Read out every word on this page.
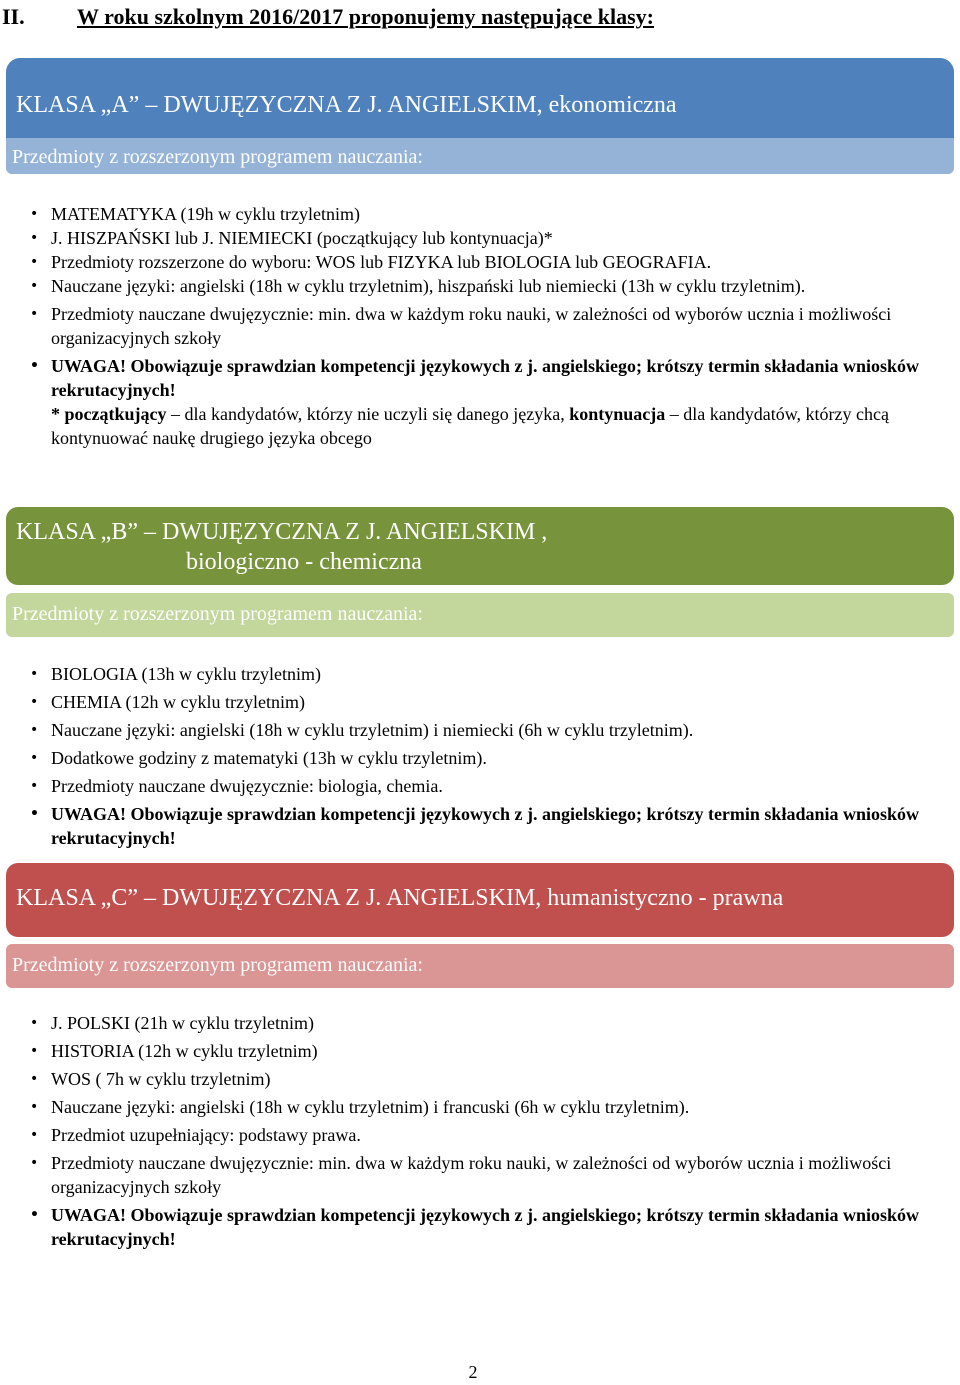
II. W roku szkolnym 2016/2017 proponujemy następujące klasy:
KLASA „A” – DWUJĘZYCZNA Z J. ANGIELSKIM, ekonomiczna
Przedmioty z rozszerzonym programem nauczania:
• MATEMATYKA (19h w cyklu trzyletnim)
• J. HISZPAŃSKI lub J. NIEMIECKI (początkujący lub kontynuacja)*
• Przedmioty rozszerzone do wyboru: WOS lub FIZYKA lub BIOLOGIA lub GEOGRAFIA.
• Nauczane języki: angielski (18h w cyklu trzyletnim), hiszpański lub niemiecki (13h w cyklu trzyletnim).
• Przedmioty nauczane dwujęzycznie: min. dwa w każdym roku nauki, w zależności od wyborów ucznia i możliwości organizacyjnych szkoły
• UWAGA! Obowiązuje sprawdzian kompetencji językowych z j. angielskiego; krótszy termin składania wniosków rekrutacyjnych!
* początkujący – dla kandydatów, którzy nie uczyli się danego języka, kontynuacja – dla kandydatów, którzy chcą kontynuować naukę drugiego języka obcego
KLASA „B” – DWUJĘZYCZNA Z J. ANGIELSKIM ,
biologiczno - chemiczna
Przedmioty z rozszerzonym programem nauczania:
• BIOLOGIA (13h w cyklu trzyletnim)
• CHEMIA (12h w cyklu trzyletnim)
• Nauczane języki: angielski (18h w cyklu trzyletnim) i niemiecki (6h w cyklu trzyletnim).
• Dodatkowe godziny z matematyki (13h w cyklu trzyletnim).
• Przedmioty nauczane dwujęzycznie: biologia, chemia.
• UWAGA! Obowiązuje sprawdzian kompetencji językowych z j. angielskiego; krótszy termin składania wniosków rekrutacyjnych!
KLASA „C” – DWUJĘZYCZNA Z J. ANGIELSKIM, humanistyczno - prawna
Przedmioty z rozszerzonym programem nauczania:
• J. POLSKI (21h w cyklu trzyletnim)
• HISTORIA (12h w cyklu trzyletnim)
• WOS ( 7h w cyklu trzyletnim)
• Nauczane języki: angielski (18h w cyklu trzyletnim) i francuski (6h w cyklu trzyletnim).
• Przedmiot uzupełniający: podstawy prawa.
• Przedmioty nauczane dwujęzycznie: min. dwa w każdym roku nauki, w zależności od wyborów ucznia i możliwości organizacyjnych szkoły
• UWAGA! Obowiązuje sprawdzian kompetencji językowych z j. angielskiego; krótszy termin składania wniosków rekrutacyjnych!
2
